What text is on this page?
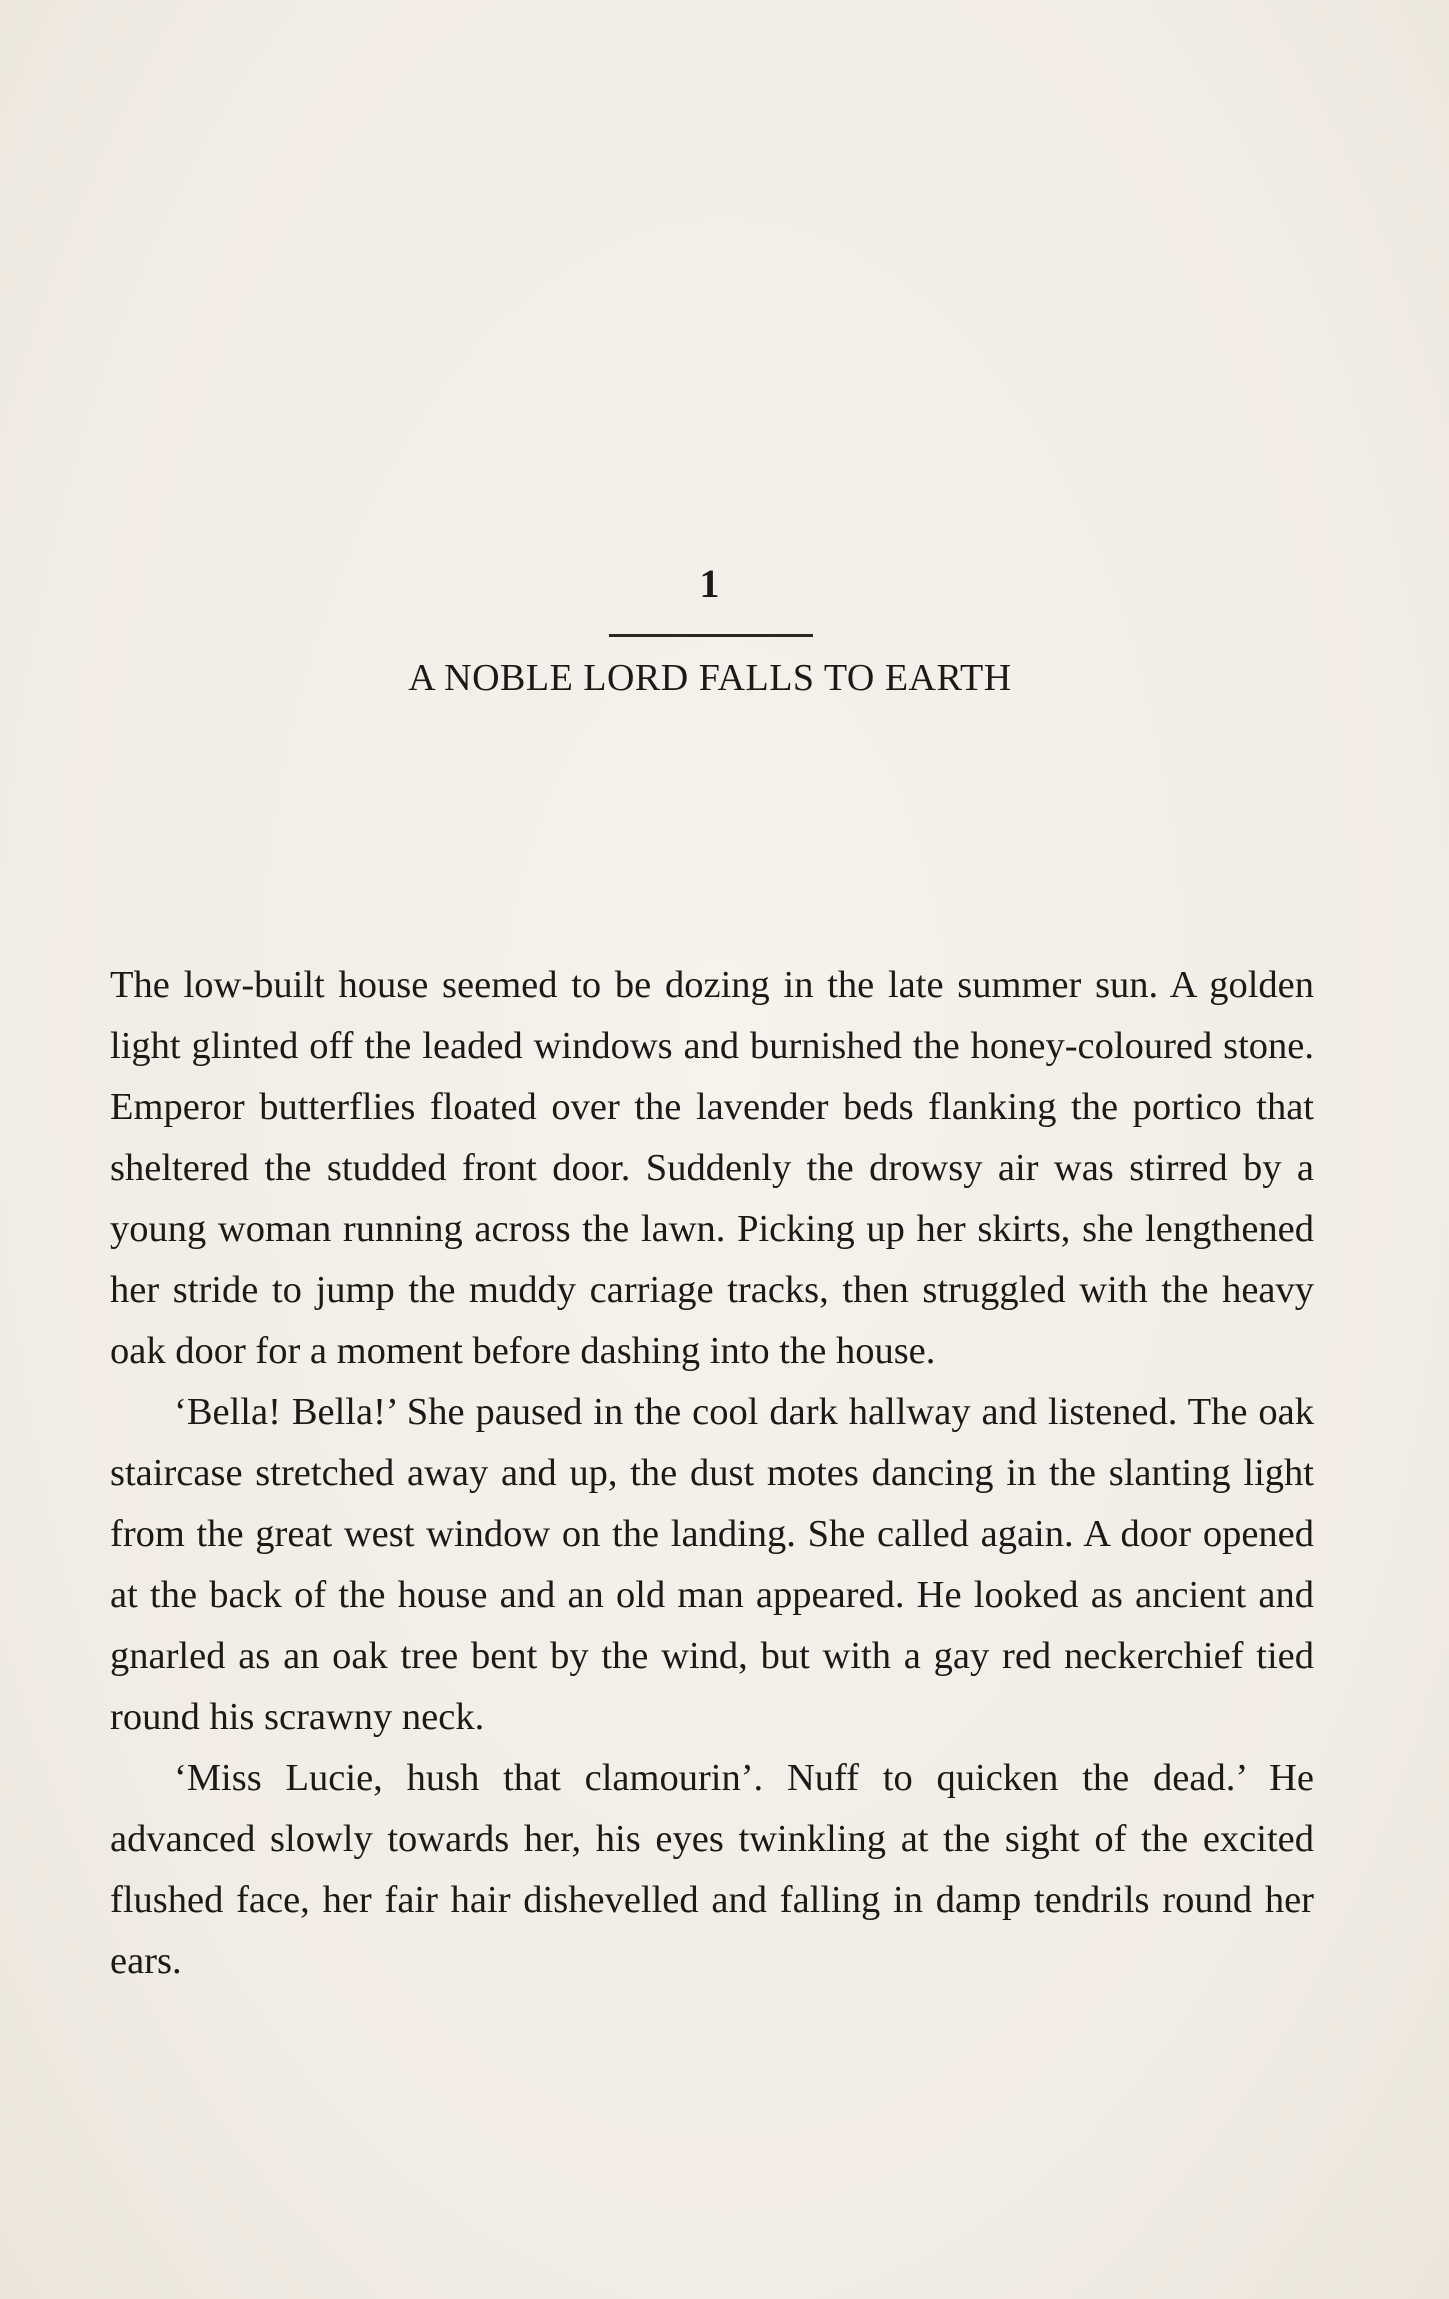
1
A NOBLE LORD FALLS TO EARTH

The low-built house seemed to be dozing in the late summer sun. A golden light glinted off the leaded windows and burnished the honey-coloured stone. Emperor butterflies floated over the lavender beds flanking the portico that sheltered the studded front door. Suddenly the drowsy air was stirred by a young woman running across the lawn. Picking up her skirts, she lengthened her stride to jump the muddy carriage tracks, then struggled with the heavy oak door for a moment before dashing into the house.

‘Bella! Bella!’ She paused in the cool dark hallway and listened. The oak staircase stretched away and up, the dust motes dancing in the slanting light from the great west window on the landing. She called again. A door opened at the back of the house and an old man appeared. He looked as ancient and gnarled as an oak tree bent by the wind, but with a gay red neckerchief tied round his scrawny neck.

‘Miss Lucie, hush that clamourin’. Nuff to quicken the dead.’ He advanced slowly towards her, his eyes twinkling at the sight of the excited flushed face, her fair hair dishevelled and falling in damp tendrils round her ears.
